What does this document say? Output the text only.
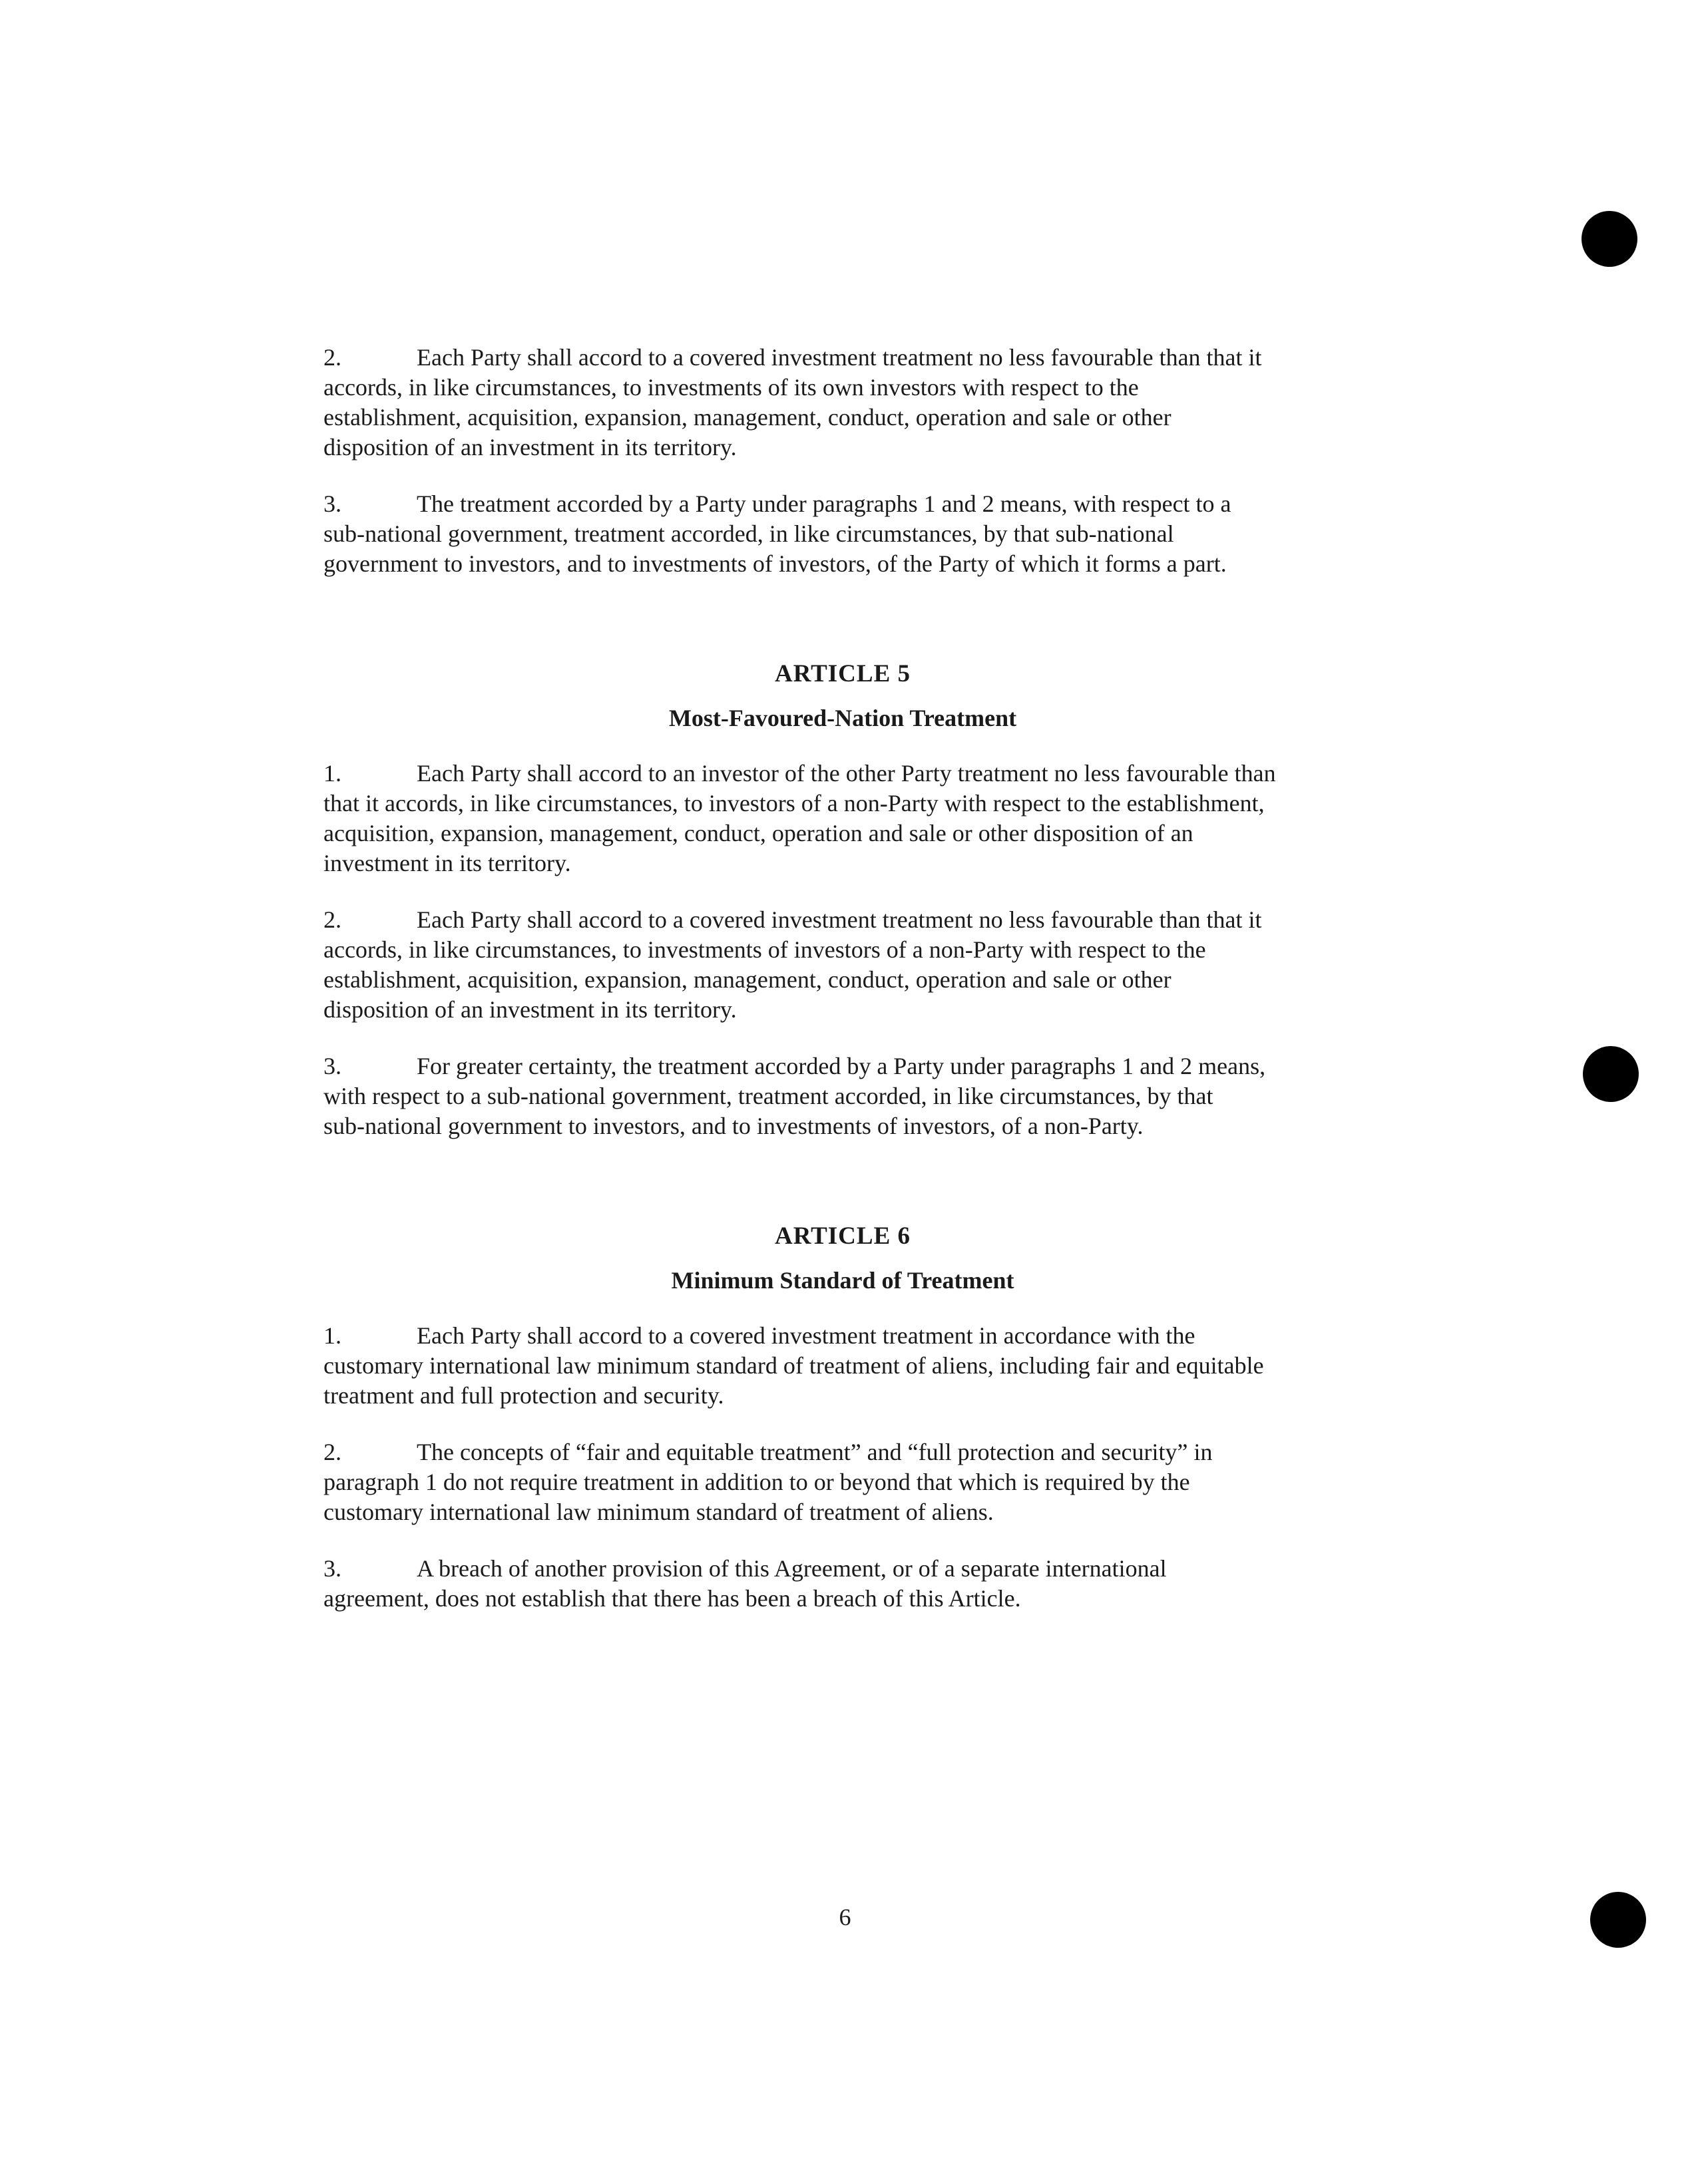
2.	Each Party shall accord to a covered investment treatment no less favourable than that it
accords, in like circumstances, to investments of its own investors with respect to the
establishment, acquisition, expansion, management, conduct, operation and sale or other
disposition of an investment in its territory.

3.	The treatment accorded by a Party under paragraphs 1 and 2 means, with respect to a
sub-national government, treatment accorded, in like circumstances, by that sub-national
government to investors, and to investments of investors, of the Party of which it forms a part.

ARTICLE 5
Most-Favoured-Nation Treatment

1.	Each Party shall accord to an investor of the other Party treatment no less favourable than
that it accords, in like circumstances, to investors of a non-Party with respect to the establishment,
acquisition, expansion, management, conduct, operation and sale or other disposition of an
investment in its territory.

2.	Each Party shall accord to a covered investment treatment no less favourable than that it
accords, in like circumstances, to investments of investors of a non-Party with respect to the
establishment, acquisition, expansion, management, conduct, operation and sale or other
disposition of an investment in its territory.

3.	For greater certainty, the treatment accorded by a Party under paragraphs 1 and 2 means,
with respect to a sub-national government, treatment accorded, in like circumstances, by that
sub-national government to investors, and to investments of investors, of a non-Party.

ARTICLE 6
Minimum Standard of Treatment

1.	Each Party shall accord to a covered investment treatment in accordance with the
customary international law minimum standard of treatment of aliens, including fair and equitable
treatment and full protection and security.

2.	The concepts of “fair and equitable treatment” and “full protection and security” in
paragraph 1 do not require treatment in addition to or beyond that which is required by the
customary international law minimum standard of treatment of aliens.

3.	A breach of another provision of this Agreement, or of a separate international
agreement, does not establish that there has been a breach of this Article.

6
